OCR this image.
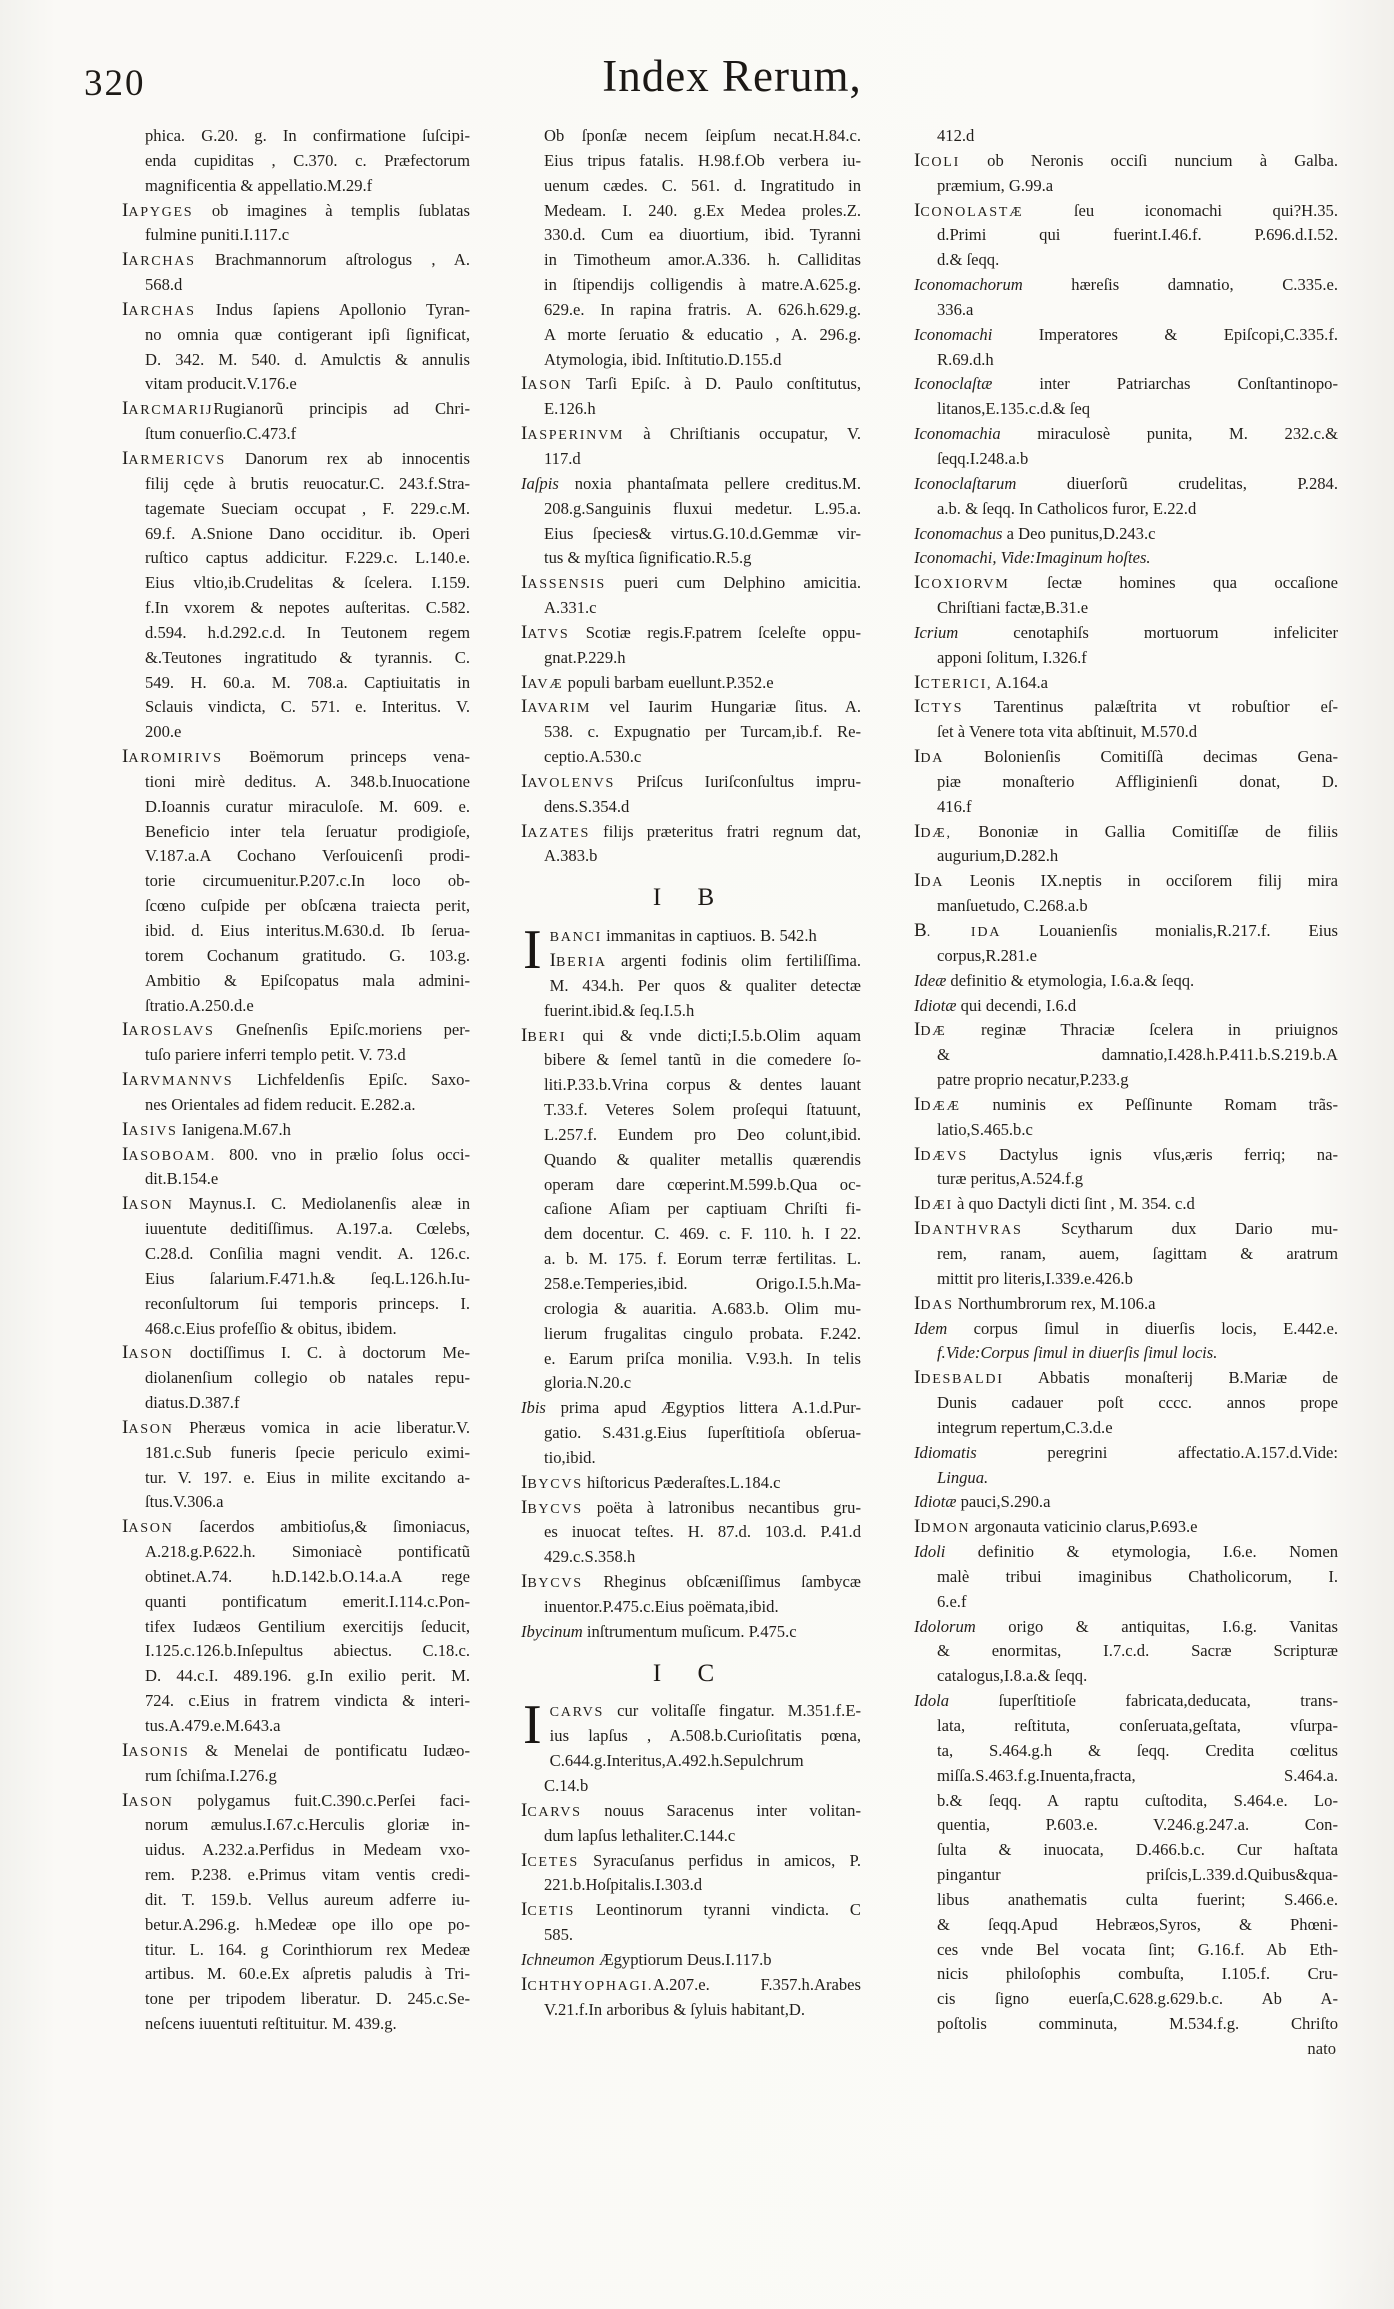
320	Index Rerum,
phica. G.20. g. In confirmatione ſuſcipi-
enda cupiditas , C.370. c. Præfectorum
magnificentia & appellatio.M.29.f
IAPYGES ob imagines à templis ſublatas
fulmine puniti.I.117.c
IARCHAS Brachmannorum aſtrologus , A.
568.d
IARCHAS Indus ſapiens Apollonio Tyran-
no omnia quæ contigerant ipſi ſignificat,
D. 342. M. 540. d. Amulctis & annulis
vitam producit.V.176.e
IARCMARIJRugianorũ principis ad Chri-
ſtum conuerſio.C.473.f
IARMERICVS Danorum rex ab innocentis
filij cęde à brutis reuocatur.C. 243.f.Stra-
tagemate Sueciam occupat , F. 229.c.M.
69.f. A.Snione Dano occiditur. ib. Operi
ruſtico captus addicitur. F.229.c. L.140.e.
Eius vltio,ib.Crudelitas & ſcelera. I.159.
f.In vxorem & nepotes auſteritas. C.582.
d.594. h.d.292.c.d. In Teutonem regem
&.Teutones ingratitudo & tyrannis. C.
549. H. 60.a. M. 708.a. Captiuitatis in
Sclauis vindicta, C. 571. e. Interitus. V.
200.e
IAROMIRIVS Boëmorum princeps vena-
tioni mirè deditus. A. 348.b.Inuocatione
D.Ioannis curatur miraculoſe. M. 609. e.
Beneficio inter tela ſeruatur prodigioſe,
V.187.a.A Cochano Verſouicenſi prodi-
torie circumuenitur.P.207.c.In loco ob-
ſcœno cuſpide per obſcæna traiecta perit,
ibid. d. Eius interitus.M.630.d. Ib ſerua-
torem Cochanum gratitudo. G. 103.g.
Ambitio & Epiſcopatus mala admini-
ſtratio.A.250.d.e
IAROSLAVS Gneſnenſis Epiſc.moriens per-
tuſo pariere inferri templo petit. V. 73.d
IARVMANNVS Lichfeldenſis Epiſc. Saxo-
nes Orientales ad fidem reducit. E.282.a.
IASIVS Ianigena.M.67.h
IASOBOAM. 800. vno in prælio ſolus occi-
dit.B.154.e
IASON Maynus.I. C. Mediolanenſis aleæ in
iuuentute deditiſſimus. A.197.a. Cœlebs,
C.28.d. Conſilia magni vendit. A. 126.c.
Eius ſalarium.F.471.h.& ſeq.L.126.h.Iu-
reconſultorum ſui temporis princeps. I.
468.c.Eius profeſſio & obitus, ibidem.
IASON doctiſſimus I. C. à doctorum Me-
diolanenſium collegio ob natales repu-
diatus.D.387.f
IASON Pheræus vomica in acie liberatur.V.
181.c.Sub funeris ſpecie periculo eximi-
tur. V. 197. e. Eius in milite excitando a-
ſtus.V.306.a
IASON ſacerdos ambitioſus,& ſimoniacus,
A.218.g.P.622.h. Simoniacè pontificatũ
obtinet.A.74. h.D.142.b.O.14.a.A rege
quanti pontificatum emerit.I.114.c.Pon-
tifex Iudæos Gentilium exercitijs ſeducit,
I.125.c.126.b.Inſepultus abiectus. C.18.c.
D. 44.c.I. 489.196. g.In exilio perit. M.
724. c.Eius in fratrem vindicta & interi-
tus.A.479.e.M.643.a
IASONIS & Menelai de pontificatu Iudæo-
rum ſchiſma.I.276.g
IASON polygamus fuit.C.390.c.Perſei faci-
norum æmulus.I.67.c.Herculis gloriæ in-
uidus. A.232.a.Perfidus in Medeam vxo-
rem. P.238. e.Primus vitam ventis credi-
dit. T. 159.b. Vellus aureum adferre iu-
betur.A.296.g. h.Medeæ ope illo ope po-
titur. L. 164. g Corinthiorum rex Medeæ
artibus. M. 60.e.Ex aſpretis paludis à Tri-
tone per tripodem liberatur. D. 245.c.Se-
neſcens iuuentuti reſtituitur. M. 439.g.
Ob ſponſæ necem ſeipſum necat.H.84.c.
Eius tripus fatalis. H.98.f.Ob verbera iu-
uenum cædes. C. 561. d. Ingratitudo in
Medeam. I. 240. g.Ex Medea proles.Z.
330.d. Cum ea diuortium, ibid. Tyranni
in Timotheum amor.A.336. h. Calliditas
in ſtipendijs colligendis à matre.A.625.g.
629.e. In rapina fratris. A. 626.h.629.g.
A morte ſeruatio & educatio , A. 296.g.
Atymologia, ibid. Inſtitutio.D.155.d
IASON Tarſi Epiſc. à D. Paulo conſtitutus,
E.126.h
IASPERINVM à Chriſtianis occupatur, V.
117.d
Iaſpis noxia phantaſmata pellere creditus.M.
208.g.Sanguinis fluxui medetur. L.95.a.
Eius ſpecies& virtus.G.10.d.Gemmæ vir-
tus & myſtica ſignificatio.R.5.g
IASSENSIS pueri cum Delphino amicitia.
A.331.c
IATVS Scotiæ regis.F.patrem ſceleſte oppu-
gnat.P.229.h
IAVÆ populi barbam euellunt.P.352.e
IAVARIM vel Iaurim Hungariæ ſitus. A.
538. c. Expugnatio per Turcam,ib.f. Re-
ceptio.A.530.c
IAVOLENVS Priſcus Iuriſconſultus impru-
dens.S.354.d
IAZATES filijs præteritus fratri regnum dat,
A.383.b
I B
IBANCI immanitas in captiuos. B. 542.h
IBERIA argenti fodinis olim fertiliſſima.
M. 434.h. Per quos & qualiter detectæ
fuerint.ibid.& ſeq.I.5.h
IBERI qui & vnde dicti;I.5.b.Olim aquam
bibere & ſemel tantũ in die comedere ſo-
liti.P.33.b.Vrina corpus & dentes lauant
T.33.f. Veteres Solem proſequi ſtatuunt,
L.257.f. Eundem pro Deo colunt,ibid.
Quando & qualiter metallis quærendis
operam dare cœperint.M.599.b.Qua oc-
caſione Aſiam per captiuam Chriſti fi-
dem docentur. C. 469. c. F. 110. h. I 22.
a. b. M. 175. f. Eorum terræ fertilitas. L.
258.e.Temperies,ibid. Origo.I.5.h.Ma-
crologia & auaritia. A.683.b. Olim mu-
lierum frugalitas cingulo probata. F.242.
e. Earum priſca monilia. V.93.h. In telis
gloria.N.20.c
Ibis prima apud Ægyptios littera A.1.d.Pur-
gatio. S.431.g.Eius ſuperſtitioſa obſerua-
tio,ibid.
IBYCVS hiſtoricus Pæderaſtes.L.184.c
IBYCVS poëta à latronibus necantibus gru-
es inuocat teſtes. H. 87.d. 103.d. P.41.d
429.c.S.358.h
IBYCVS Rheginus obſcæniſſimus ſambycæ
inuentor.P.475.c.Eius poëmata,ibid.
Ibycinum inſtrumentum muſicum. P.475.c
I C
ICARVS cur volitaſſe fingatur. M.351.f.E-
ius lapſus , A.508.b.Curioſitatis pœna,
C.644.g.Interitus,A.492.h.Sepulchrum
C.14.b
ICARVS nouus Saracenus inter volitan-
dum lapſus lethaliter.C.144.c
ICETES Syracuſanus perfidus in amicos, P.
221.b.Hoſpitalis.I.303.d
ICETIS Leontinorum tyranni vindicta. C
585.
Ichneumon Ægyptiorum Deus.I.117.b
ICHTHYOPHAGI.A.207.e. F.357.h.Arabes
V.21.f.In arboribus & ſyluis habitant,D.
412.d
ICOLI ob Neronis occiſi nuncium à Galba.
præmium, G.99.a
ICONOLASTÆ ſeu iconomachi qui?H.35.
d.Primi qui fuerint.I.46.f. P.696.d.I.52.
d.& ſeqq.
Iconomachorum hæreſis damnatio, C.335.e.
336.a
Iconomachi Imperatores & Epiſcopi,C.335.f.
R.69.d.h
Iconoclaſtæ inter Patriarchas Conſtantinopo-
litanos,E.135.c.d.& ſeq
Iconomachia miraculosè punita, M. 232.c.&
ſeqq.I.248.a.b
Iconoclaſtarum diuerſorũ crudelitas, P.284.
a.b. & ſeqq. In Catholicos furor, E.22.d
Iconomachus a Deo punitus,D.243.c
Iconomachi, Vide:Imaginum hoſtes.
ICOXIORVM ſectæ homines qua occaſione
Chriſtiani factæ,B.31.e
Icrium cenotaphiſs mortuorum infeliciter
apponi ſolitum, I.326.f
ICTERICI, A.164.a
ICTYS Tarentinus palæſtrita vt robuſtior eſ-
ſet à Venere tota vita abſtinuit, M.570.d
IDA Bolonienſis Comitiſſà decimas Gena-
piæ monaſterio Affliginienſi donat, D.
416.f
IDÆ, Bononiæ in Gallia Comitiſſæ de filiis
augurium,D.282.h
IDA Leonis IX.neptis in occiſorem filij mira
manſuetudo, C.268.a.b
B. IDA Louanienſis monialis,R.217.f. Eius
corpus,R.281.e
Ideæ definitio & etymologia, I.6.a.& ſeqq.
Idiotæ qui decendi, I.6.d
IDÆ reginæ Thraciæ ſcelera in priuignos
& damnatio,I.428.h.P.411.b.S.219.b.A
patre proprio necatur,P.233.g
IDÆÆ numinis ex Peſſinunte Romam trãs-
latio,S.465.b.c
IDÆVS Dactylus ignis vſus,æris ferriq; na-
turæ peritus,A.524.f.g
IDÆI à quo Dactyli dicti ſint , M. 354. c.d
IDANTHVRAS Scytharum dux Dario mu-
rem, ranam, auem, ſagittam & aratrum
mittit pro literis,I.339.e.426.b
IDAS Northumbrorum rex, M.106.a
Idem corpus ſimul in diuerſis locis, E.442.e.
f.Vide:Corpus ſimul in diuerſis ſimul locis.
IDESBALDI Abbatis monaſterij B.Mariæ de
Dunis cadauer poſt cccc. annos prope
integrum repertum,C.3.d.e
Idiomatis peregrini affectatio.A.157.d.Vide:
Lingua.
Idiotæ pauci,S.290.a
IDMON argonauta vaticinio clarus,P.693.e
Idoli definitio & etymologia, I.6.e. Nomen
malè tribui imaginibus Chatholicorum, I.
6.e.f
Idolorum origo & antiquitas, I.6.g. Vanitas
& enormitas, I.7.c.d. Sacræ Scripturæ
catalogus,I.8.a.& ſeqq.
Idola ſuperſtitioſe fabricata,deducata, trans-
lata, reſtituta, conſeruata,geſtata, vſurpa-
ta, S.464.g.h & ſeqq. Credita cœlitus
miſſa.S.463.f.g.Inuenta,fracta, S.464.a.
b.& ſeqq. A raptu cuſtodita, S.464.e. Lo-
quentia, P.603.e. V.246.g.247.a. Con-
ſulta & inuocata, D.466.b.c. Cur haſtata
pingantur priſcis,L.339.d.Quibus&qua-
libus anathematis culta fuerint; S.466.e.
& ſeqq.Apud Hebræos,Syros, & Phœni-
ces vnde Bel vocata ſint; G.16.f. Ab Eth-
nicis philoſophis combuſta, I.105.f. Cru-
cis ſigno euerſa,C.628.g.629.b.c. Ab A-
poſtolis comminuta, M.534.f.g. Chriſto
nato
